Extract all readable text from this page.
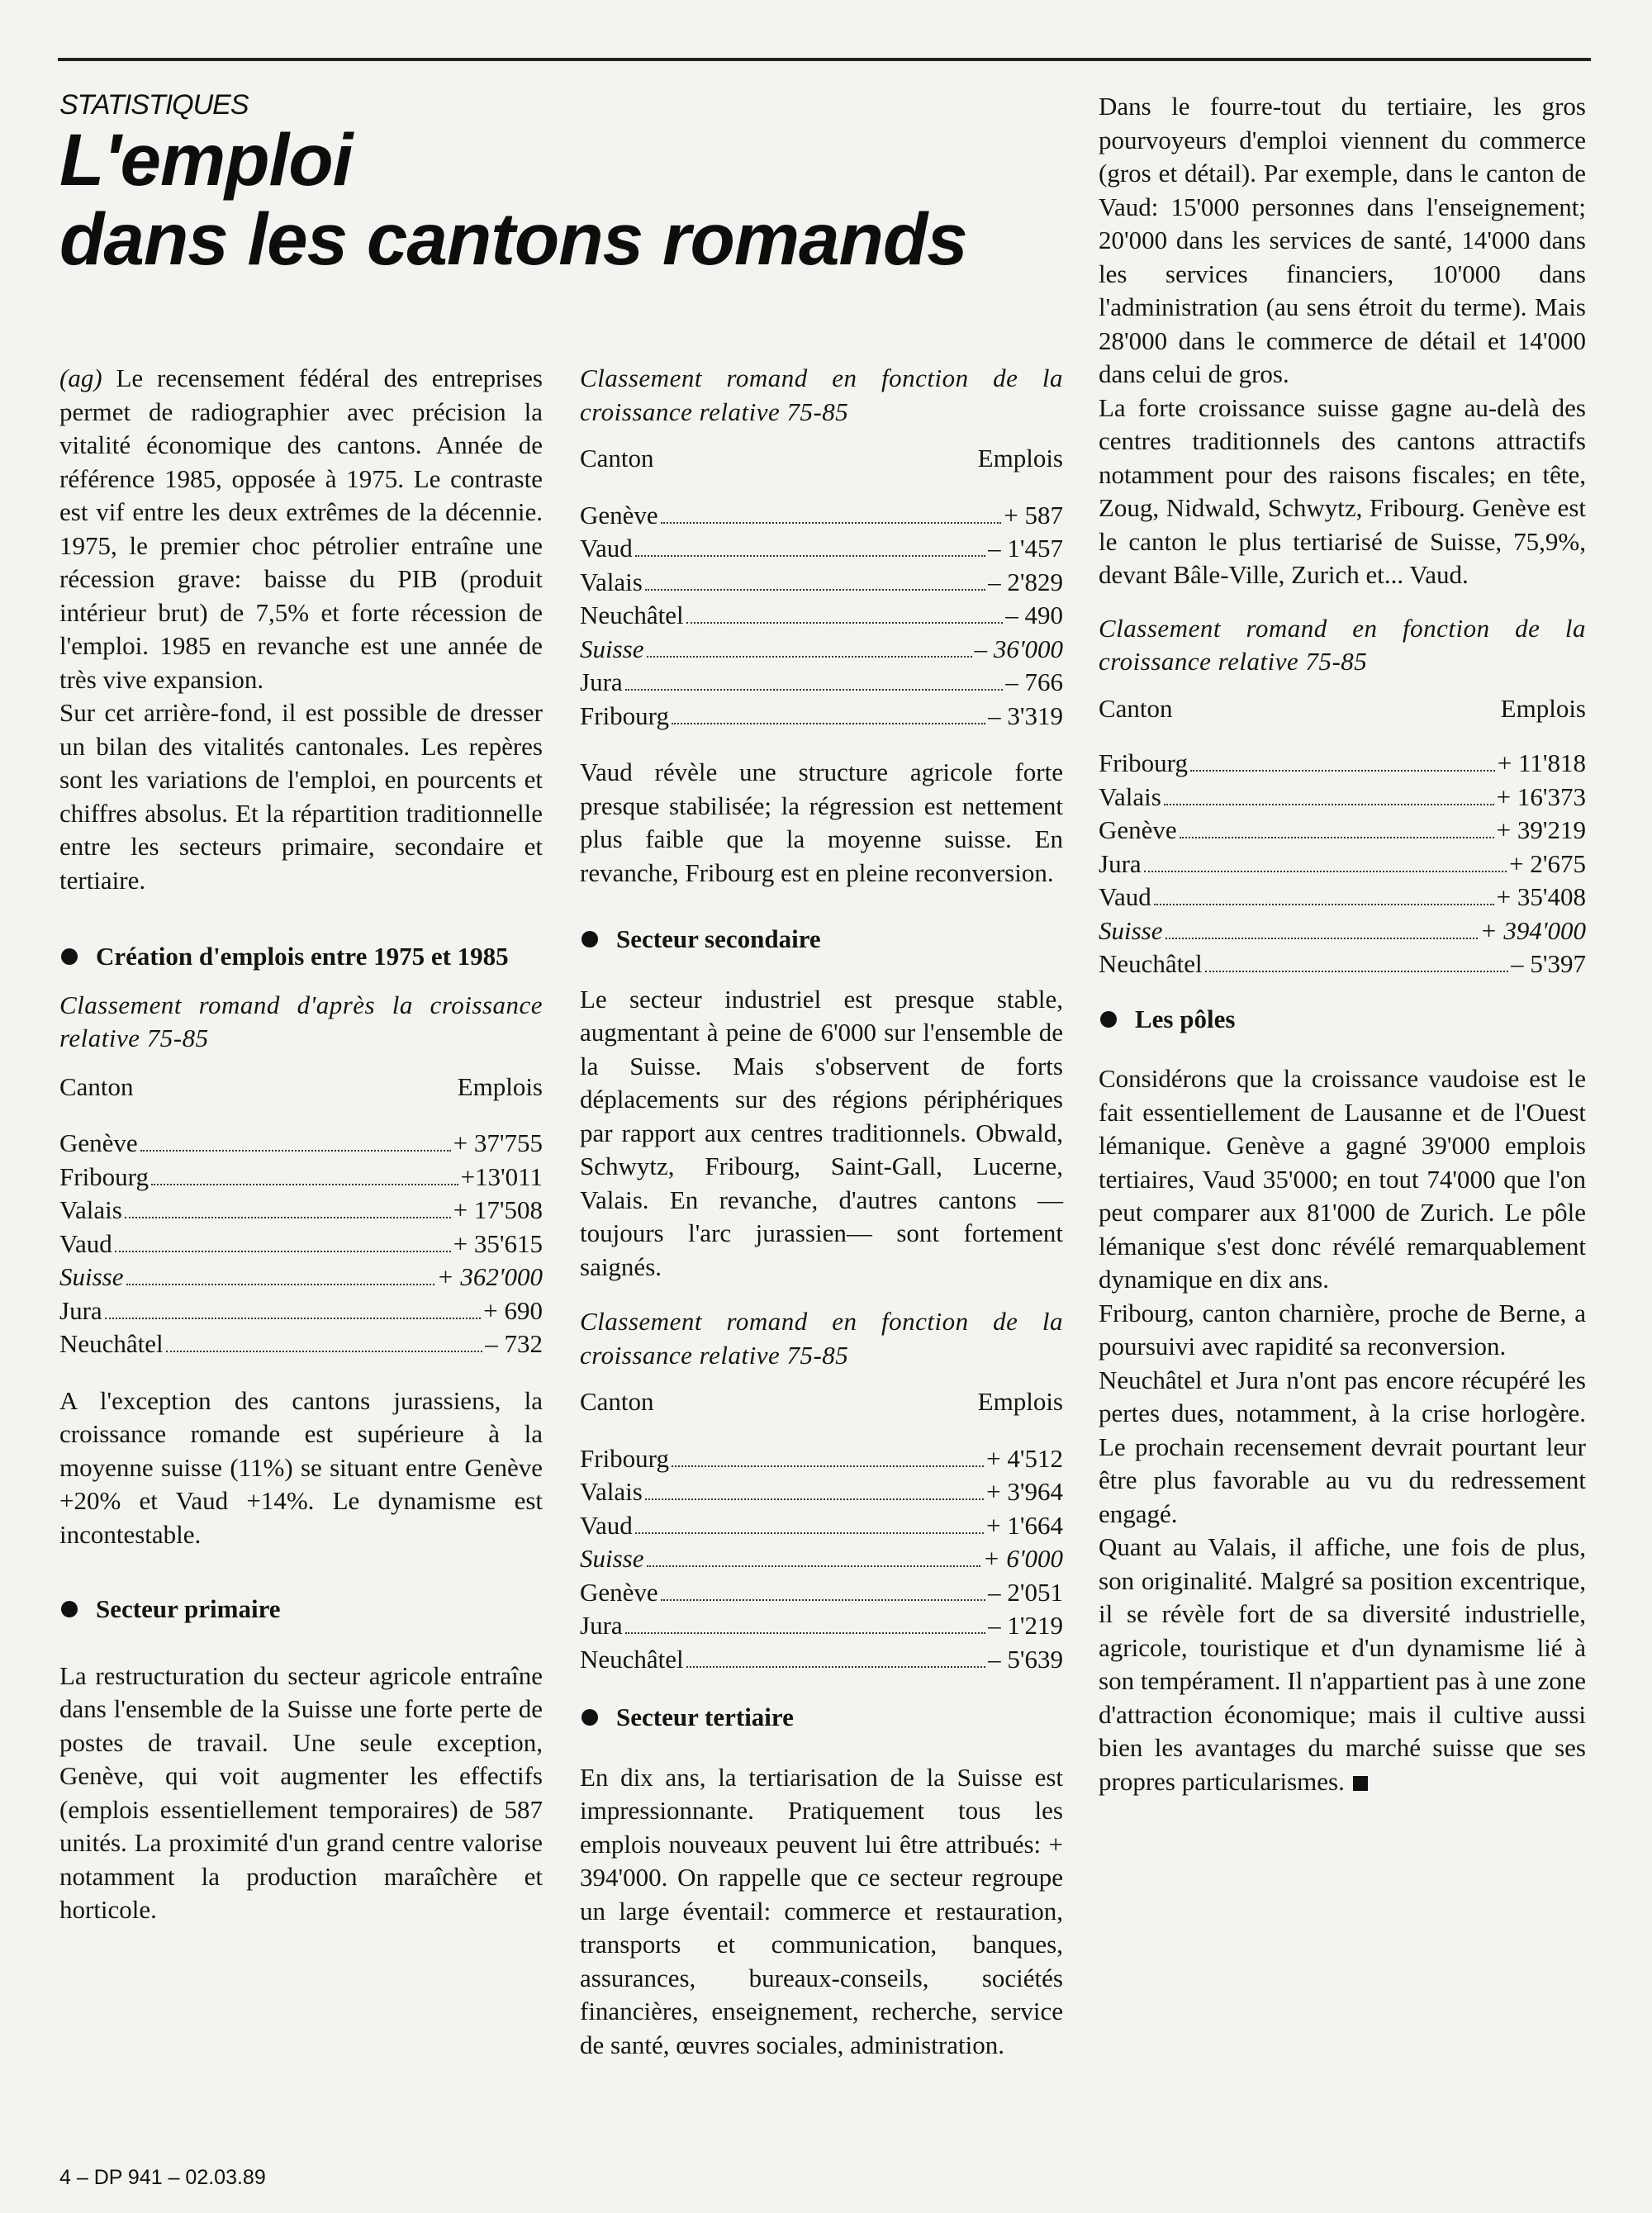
STATISTIQUES
L'emploi
dans les cantons romands

(ag) Le recensement fédéral des entreprises permet de radiographier avec précision la vitalité économique des cantons. Année de référence 1985, opposée à 1975. Le contraste est vif entre les deux extrêmes de la décennie. 1975, le premier choc pétrolier entraîne une récession grave: baisse du PIB (produit intérieur brut) de 7,5% et forte récession de l'emploi. 1985 en revanche est une année de très vive expansion.

Sur cet arrière-fond, il est possible de dresser un bilan des vitalités cantonales. Les repères sont les variations de l'emploi, en pourcents et chiffres absolus. Et la répartition traditionnelle entre les secteurs primaire, secondaire et tertiaire.

Création d'emplois entre 1975 et 1985

Classement romand d'après la croissance relative 75-85

Canton	Emplois
Genève	+ 37'755
Fribourg	+13'011
Valais	+ 17'508
Vaud	+ 35'615
Suisse	+ 362'000
Jura	+ 690
Neuchâtel	– 732

A l'exception des cantons jurassiens, la croissance romande est supérieure à la moyenne suisse (11%) se situant entre Genève +20% et Vaud +14%. Le dynamisme est incontestable.

Secteur primaire

La restructuration du secteur agricole entraîne dans l'ensemble de la Suisse une forte perte de postes de travail. Une seule exception, Genève, qui voit augmenter les effectifs (emplois essentiellement temporaires) de 587 unités. La proximité d'un grand centre valorise notamment la production maraîchère et horticole.

Classement romand en fonction de la croissance relative 75-85

Canton	Emplois
Genève	+ 587
Vaud	– 1'457
Valais	– 2'829
Neuchâtel	– 490
Suisse	– 36'000
Jura	– 766
Fribourg	– 3'319

Vaud révèle une structure agricole forte presque stabilisée; la régression est nettement plus faible que la moyenne suisse. En revanche, Fribourg est en pleine reconversion.

Secteur secondaire

Le secteur industriel est presque stable, augmentant à peine de 6'000 sur l'ensemble de la Suisse. Mais s'observent de forts déplacements sur des régions périphériques par rapport aux centres traditionnels. Obwald, Schwytz, Fribourg, Saint-Gall, Lucerne, Valais. En revanche, d'autres cantons — toujours l'arc jurassien— sont fortement saignés.

Classement romand en fonction de la croissance relative 75-85

Canton	Emplois
Fribourg	+ 4'512
Valais	+ 3'964
Vaud	+ 1'664
Suisse	+ 6'000
Genève	– 2'051
Jura	– 1'219
Neuchâtel	– 5'639
Secteur tertiaire

En dix ans, la tertiarisation de la Suisse est impressionnante. Pratiquement tous les emplois nouveaux peuvent lui être attribués: + 394'000. On rappelle que ce secteur regroupe un large éventail: commerce et restauration, transports et communication, banques, assurances, bureaux-conseils, sociétés financières, enseignement, recherche, service de santé, œuvres sociales, administration.

Dans le fourre-tout du tertiaire, les gros pourvoyeurs d'emploi viennent du commerce (gros et détail). Par exemple, dans le canton de Vaud: 15'000 personnes dans l'enseignement; 20'000 dans les services de santé, 14'000 dans les services financiers, 10'000 dans l'administration (au sens étroit du terme). Mais 28'000 dans le commerce de détail et 14'000 dans celui de gros.

La forte croissance suisse gagne au-delà des centres traditionnels des cantons attractifs notamment pour des raisons fiscales; en tête, Zoug, Nidwald, Schwytz, Fribourg. Genève est le canton le plus tertiarisé de Suisse, 75,9%, devant Bâle-Ville, Zurich et... Vaud.

Classement romand en fonction de la croissance relative 75-85

Canton	Emplois
Fribourg	+ 11'818
Valais	+ 16'373
Genève	+ 39'219
Jura	+ 2'675
Vaud	+ 35'408
Suisse	+ 394'000
Neuchâtel	– 5'397
Les pôles

Considérons que la croissance vaudoise est le fait essentiellement de Lausanne et de l'Ouest lémanique. Genève a gagné 39'000 emplois tertiaires, Vaud 35'000; en tout 74'000 que l'on peut comparer aux 81'000 de Zurich. Le pôle lémanique s'est donc révélé remarquablement dynamique en dix ans.

Fribourg, canton charnière, proche de Berne, a poursuivi avec rapidité sa reconversion.

Neuchâtel et Jura n'ont pas encore récupéré les pertes dues, notamment, à la crise horlogère. Le prochain recensement devrait pourtant leur être plus favorable au vu du redressement engagé.

Quant au Valais, il affiche, une fois de plus, son originalité. Malgré sa position excentrique, il se révèle fort de sa diversité industrielle, agricole, touristique et d'un dynamisme lié à son tempérament. Il n'appartient pas à une zone d'attraction économique; mais il cultive aussi bien les avantages du marché suisse que ses propres particularismes.

4 – DP 941 – 02.03.89
